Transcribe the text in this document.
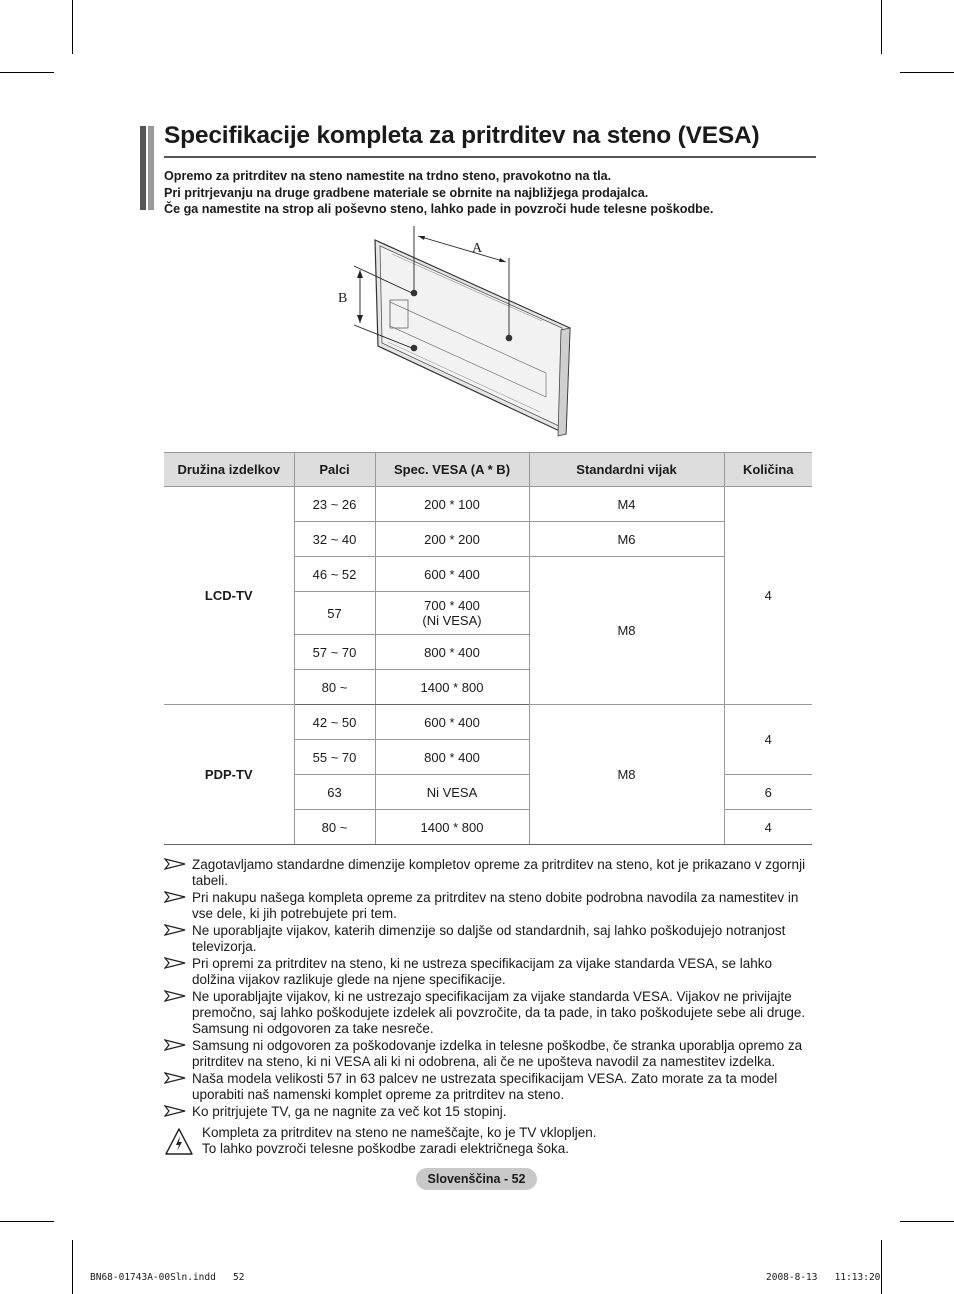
Specifikacije kompleta za pritrditev na steno (VESA)
Opremo za pritrditev na steno namestite na trdno steno, pravokotno na tla.
Pri pritrjevanju na druge gradbene materiale se obrnite na najbližjega prodajalca.
Če ga namestite na strop ali poševno steno, lahko pade in povzroči hude telesne poškodbe.
A
B
Družina izdelkov	Palci	Spec. VESA (A * B)	Standardni vijak	Količina
LCD-TV	23 ~ 26	200 * 100	M4	4
	32 ~ 40	200 * 200	M6	
	46 ~ 52	600 * 400	M8	
	57	700 * 400
(Ni VESA)		

	57 ~ 70	800 * 400		
	80 ~	1400 * 800		
PDP-TV	42 ~ 50	600 * 400	M8	4
	55 ~ 70	800 * 400		
	63	Ni VESA		6
	80 ~	1400 * 800		4
Zagotavljamo standardne dimenzije kompletov opreme za pritrditev na steno, kot je prikazano v zgornji tabeli.
Pri nakupu našega kompleta opreme za pritrditev na steno dobite podrobna navodila za namestitev in vse dele, ki jih potrebujete pri tem.
Ne uporabljajte vijakov, katerih dimenzije so daljše od standardnih, saj lahko poškodujejo notranjost televizorja.
Pri opremi za pritrditev na steno, ki ne ustreza specifikacijam za vijake standarda VESA, se lahko dolžina vijakov razlikuje glede na njene specifikacije.
Ne uporabljajte vijakov, ki ne ustrezajo specifikacijam za vijake standarda VESA. Vijakov ne privijajte premočno, saj lahko poškodujete izdelek ali povzročite, da ta pade, in tako poškodujete sebe ali druge. Samsung ni odgovoren za take nesreče.
Samsung ni odgovoren za poškodovanje izdelka in telesne poškodbe, če stranka uporablja opremo za pritrditev na steno, ki ni VESA ali ki ni odobrena, ali če ne upošteva navodil za namestitev izdelka.
Naša modela velikosti 57 in 63 palcev ne ustrezata specifikacijam VESA. Zato morate za ta model uporabiti naš namenski komplet opreme za pritrditev na steno.
Ko pritrjujete TV, ga ne nagnite za več kot 15 stopinj.
Kompleta za pritrditev na steno ne nameščajte, ko je TV vklopljen.
To lahko povzroči telesne poškodbe zaradi električnega šoka.
Slovenščina - 52
BN68-01743A-00Sln.indd   52	2008-8-13   11:13:20
